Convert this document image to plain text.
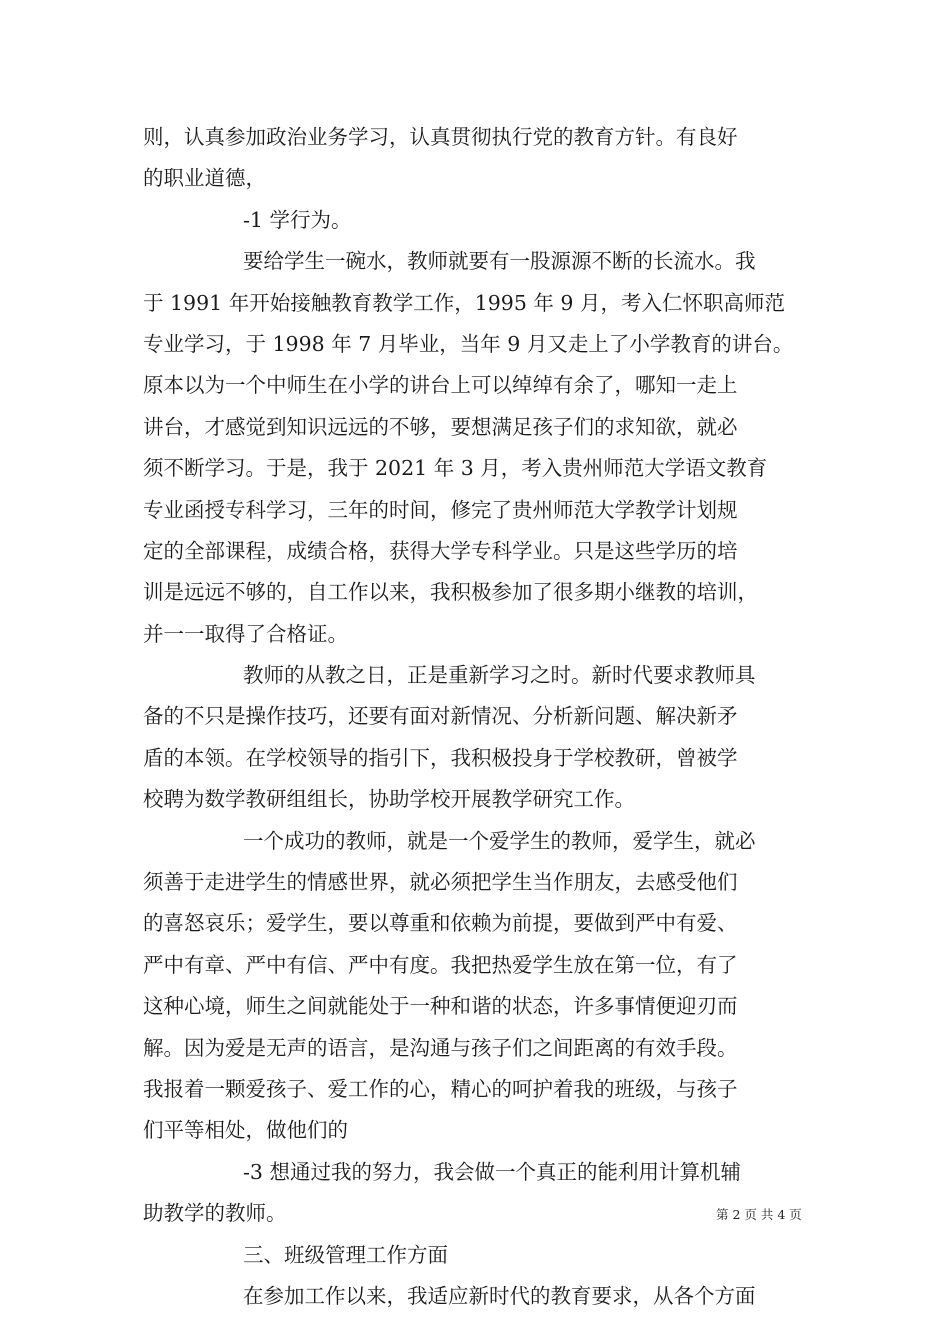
则，认真参加政治业务学习，认真贯彻执行党的教育方针。有良好

的职业道德，

-1 学行为。

要给学生一碗水，教师就要有一股源源不断的长流水。我

于 1991 年开始接触教育教学工作，1995 年 9 月，考入仁怀职高师范

专业学习，于 1998 年 7 月毕业，当年 9 月又走上了小学教育的讲台。

原本以为一个中师生在小学的讲台上可以绰绰有余了，哪知一走上

讲台，才感觉到知识远远的不够，要想满足孩子们的求知欲，就必

须不断学习。于是，我于 2021 年 3 月，考入贵州师范大学语文教育

专业函授专科学习，三年的时间，修完了贵州师范大学教学计划规

定的全部课程，成绩合格，获得大学专科学业。只是这些学历的培

训是远远不够的，自工作以来，我积极参加了很多期小继教的培训，

并一一取得了合格证。

教师的从教之日，正是重新学习之时。新时代要求教师具

备的不只是操作技巧，还要有面对新情况、分析新问题、解决新矛

盾的本领。在学校领导的指引下，我积极投身于学校教研，曾被学

校聘为数学教研组组长，协助学校开展教学研究工作。

一个成功的教师，就是一个爱学生的教师，爱学生，就必

须善于走进学生的情感世界，就必须把学生当作朋友，去感受他们

的喜怒哀乐；爱学生，要以尊重和依赖为前提，要做到严中有爱、

严中有章、严中有信、严中有度。我把热爱学生放在第一位，有了

这种心境，师生之间就能处于一种和谐的状态，许多事情便迎刃而

解。因为爱是无声的语言，是沟通与孩子们之间距离的有效手段。

我报着一颗爱孩子、爱工作的心，精心的呵护着我的班级，与孩子

们平等相处，做他们的

-3 想通过我的努力，我会做一个真正的能利用计算机辅

助教学的教师。

三、班级管理工作方面

在参加工作以来，我适应新时代的教育要求，从各个方面

第 2 页 共 4 页
